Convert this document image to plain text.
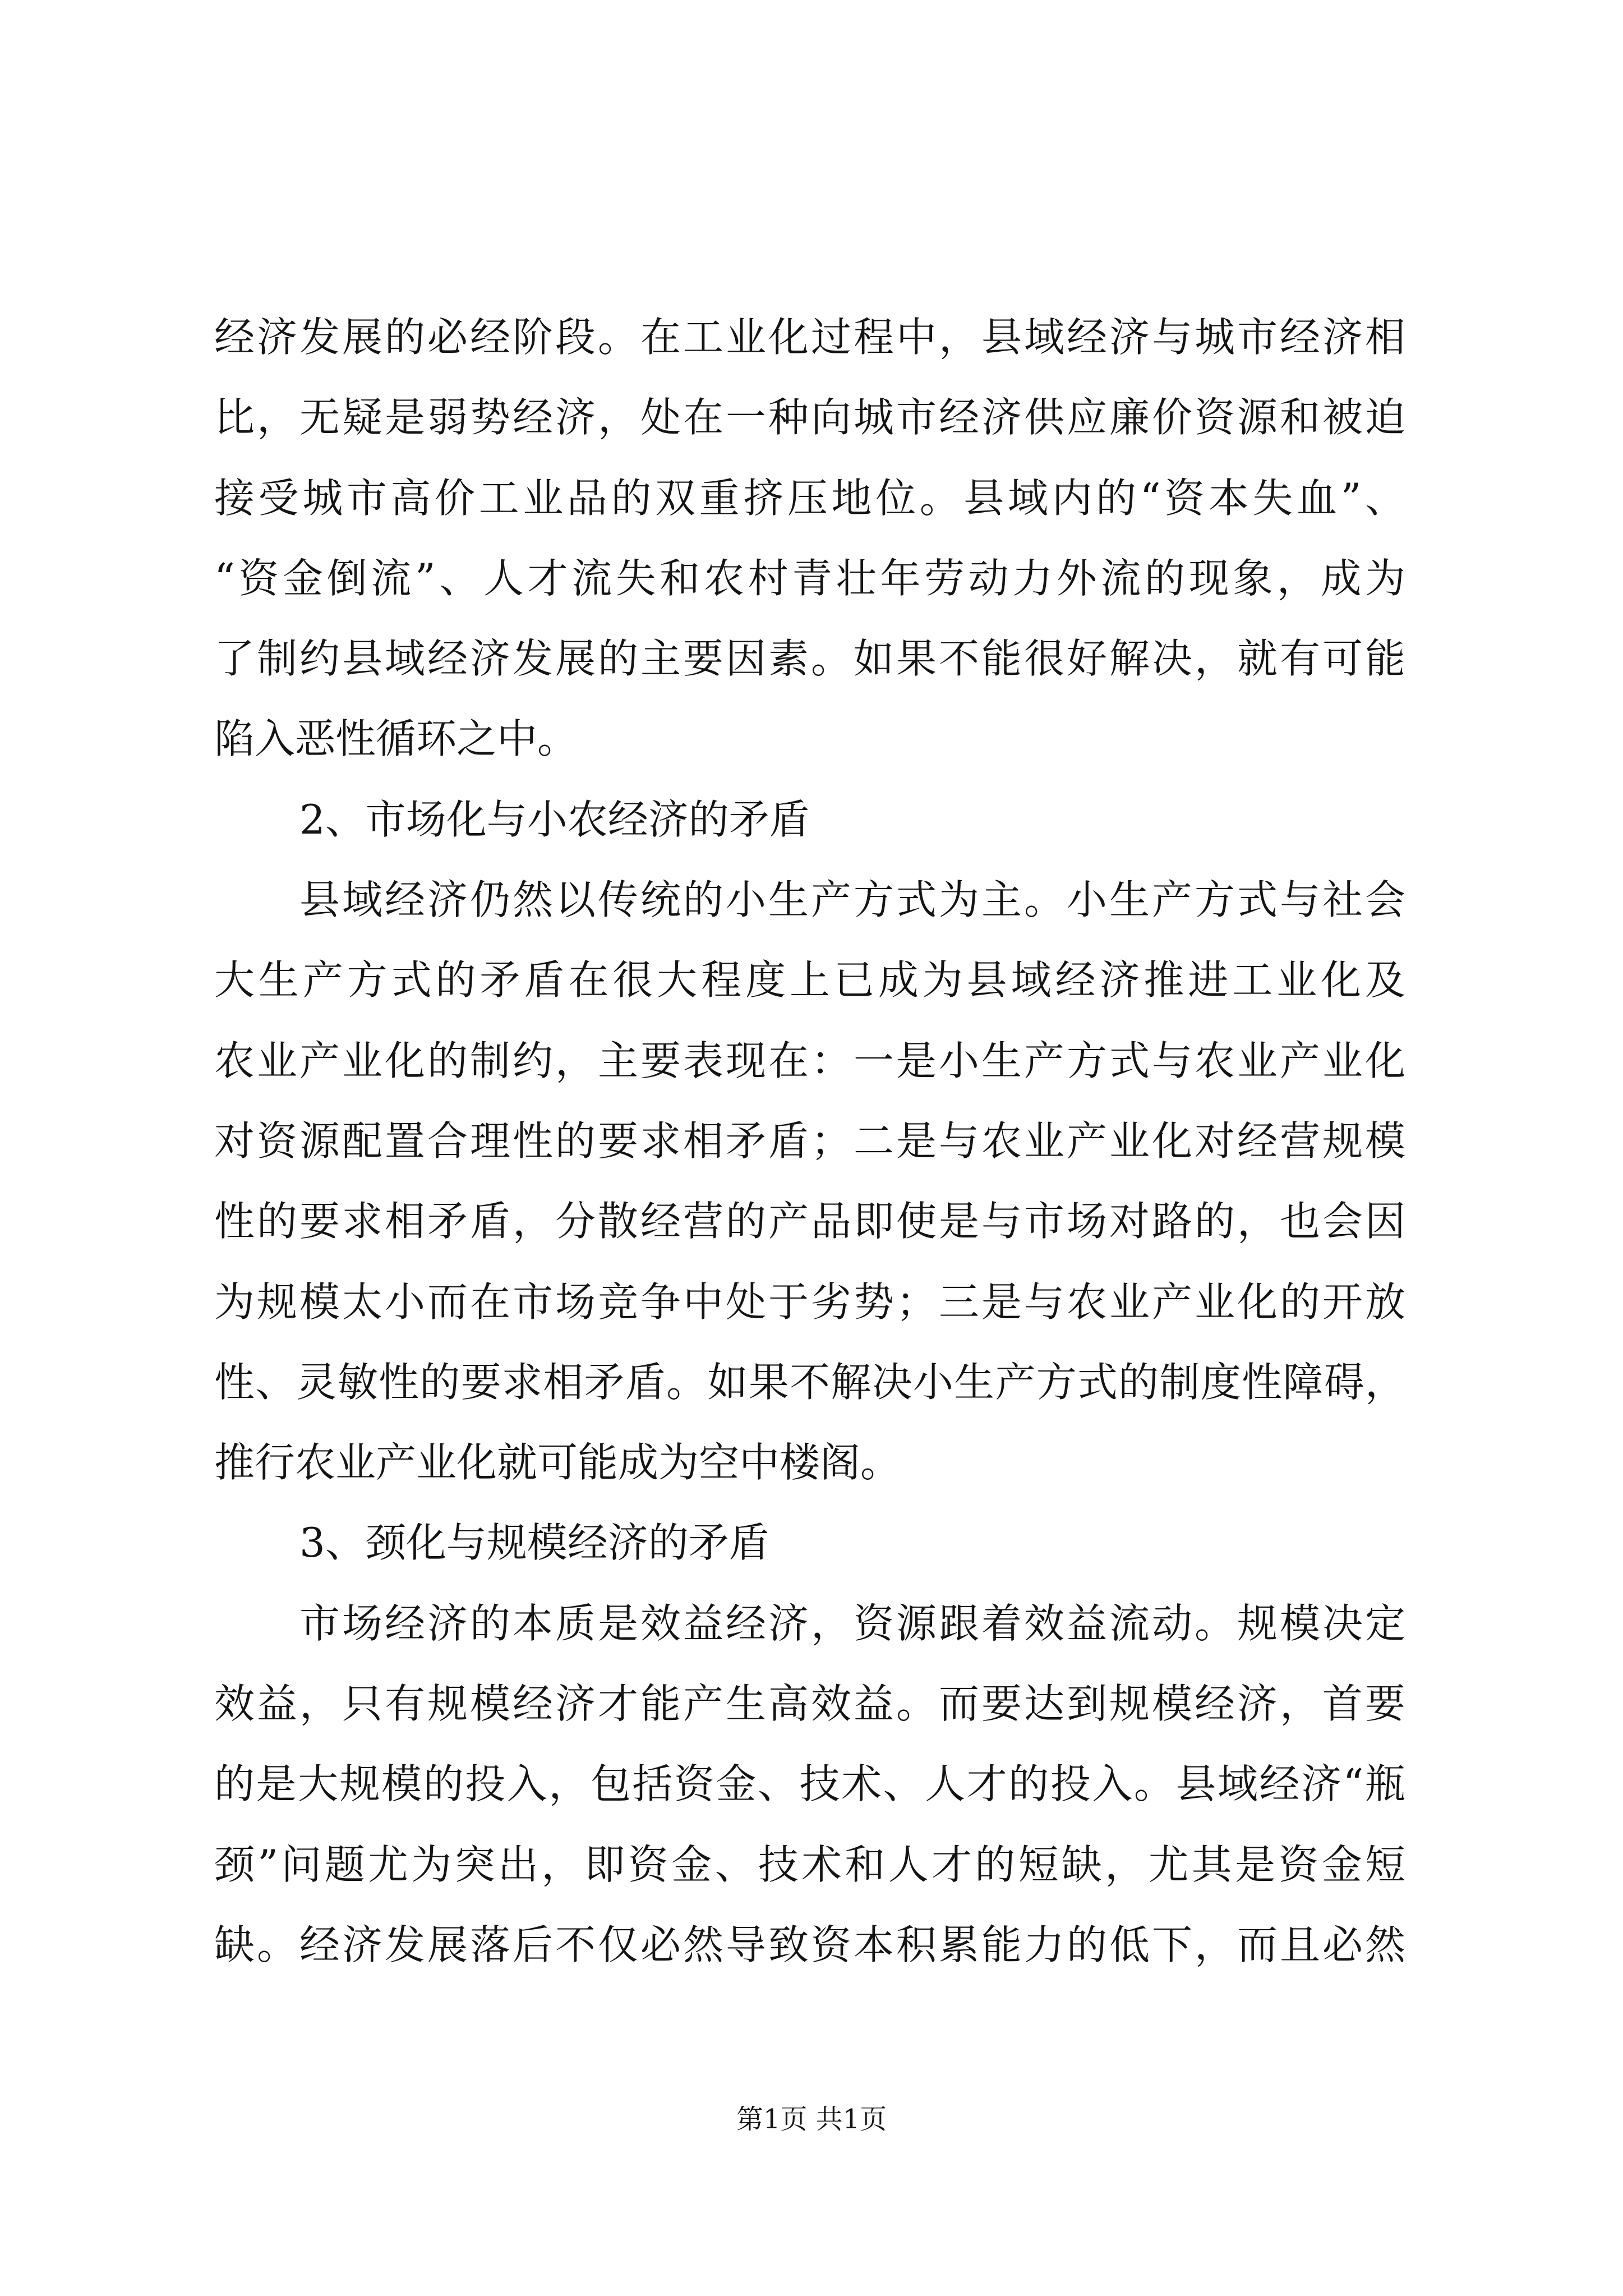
经济发展的必经阶段。在工业化过程中，县域经济与城市经济相
比，无疑是弱势经济，处在一种向城市经济供应廉价资源和被迫
接受城市高价工业品的双重挤压地位。县域内的“资本失血”、
“资金倒流”、人才流失和农村青壮年劳动力外流的现象，成为
了制约县域经济发展的主要因素。如果不能很好解决，就有可能
陷入恶性循环之中。
2、市场化与小农经济的矛盾
县域经济仍然以传统的小生产方式为主。小生产方式与社会
大生产方式的矛盾在很大程度上已成为县域经济推进工业化及
农业产业化的制约，主要表现在：一是小生产方式与农业产业化
对资源配置合理性的要求相矛盾；二是与农业产业化对经营规模
性的要求相矛盾，分散经营的产品即使是与市场对路的，也会因
为规模太小而在市场竞争中处于劣势；三是与农业产业化的开放
性、灵敏性的要求相矛盾。如果不解决小生产方式的制度性障碍，
推行农业产业化就可能成为空中楼阁。
3、颈化与规模经济的矛盾
市场经济的本质是效益经济，资源跟着效益流动。规模决定
效益，只有规模经济才能产生高效益。而要达到规模经济，首要
的是大规模的投入，包括资金、技术、人才的投入。县域经济“瓶
颈”问题尤为突出，即资金、技术和人才的短缺，尤其是资金短
缺。经济发展落后不仅必然导致资本积累能力的低下，而且必然
第1页 共1页
